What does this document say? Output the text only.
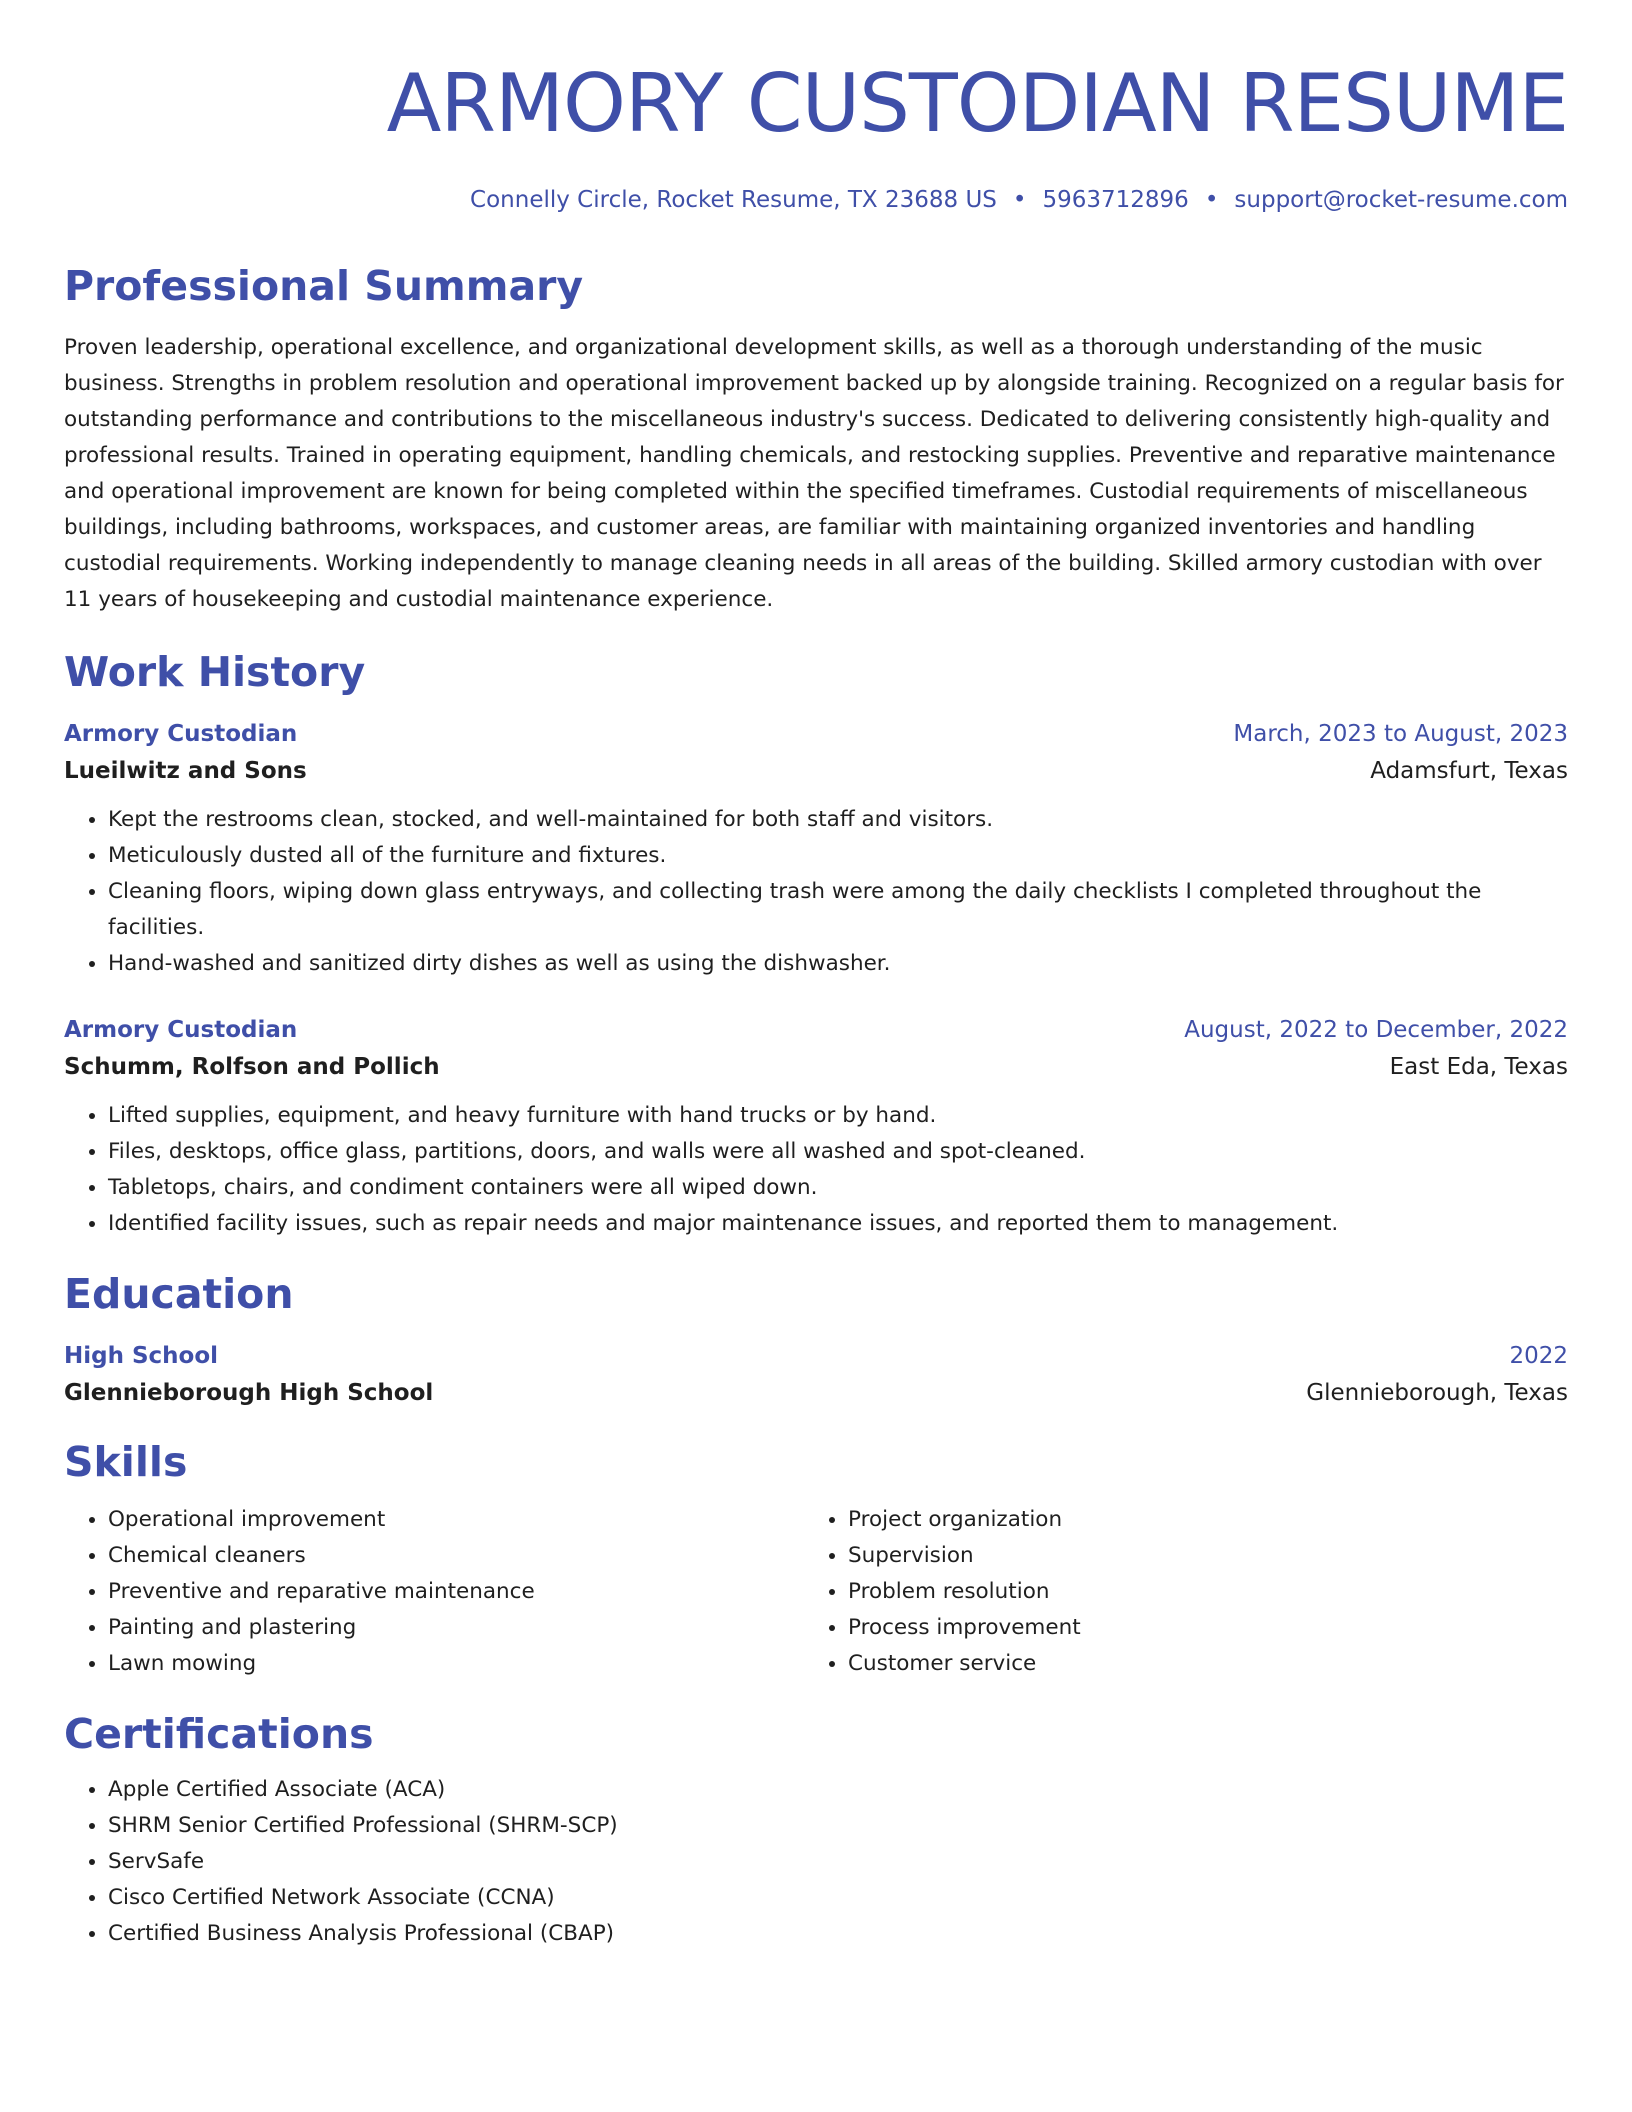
ARMORY CUSTODIAN RESUME
Connelly Circle, Rocket Resume, TX 23688 US • 5963712896 • support@rocket-resume.com
Professional Summary
Proven leadership, operational excellence, and organizational development skills, as well as a thorough understanding of the music business. Strengths in problem resolution and operational improvement backed up by alongside training. Recognized on a regular basis for outstanding performance and contributions to the miscellaneous industry's success. Dedicated to delivering consistently high-quality and professional results. Trained in operating equipment, handling chemicals, and restocking supplies. Preventive and reparative maintenance and operational improvement are known for being completed within the specified timeframes. Custodial requirements of miscellaneous buildings, including bathrooms, workspaces, and customer areas, are familiar with maintaining organized inventories and handling custodial requirements. Working independently to manage cleaning needs in all areas of the building. Skilled armory custodian with over 11 years of housekeeping and custodial maintenance experience.
Work History
Armory Custodian	March, 2023 to August, 2023
Lueilwitz and Sons	Adamsfurt, Texas
• Kept the restrooms clean, stocked, and well-maintained for both staff and visitors.
• Meticulously dusted all of the furniture and fixtures.
• Cleaning floors, wiping down glass entryways, and collecting trash were among the daily checklists I completed throughout the facilities.
• Hand-washed and sanitized dirty dishes as well as using the dishwasher.
Armory Custodian	August, 2022 to December, 2022
Schumm, Rolfson and Pollich	East Eda, Texas
• Lifted supplies, equipment, and heavy furniture with hand trucks or by hand.
• Files, desktops, office glass, partitions, doors, and walls were all washed and spot-cleaned.
• Tabletops, chairs, and condiment containers were all wiped down.
• Identified facility issues, such as repair needs and major maintenance issues, and reported them to management.
Education
High School	2022
Glennieborough High School	Glennieborough, Texas
Skills
• Operational improvement
• Chemical cleaners
• Preventive and reparative maintenance
• Painting and plastering
• Lawn mowing
• Project organization
• Supervision
• Problem resolution
• Process improvement
• Customer service
Certifications
• Apple Certified Associate (ACA)
• SHRM Senior Certified Professional (SHRM-SCP)
• ServSafe
• Cisco Certified Network Associate (CCNA)
• Certified Business Analysis Professional (CBAP)
